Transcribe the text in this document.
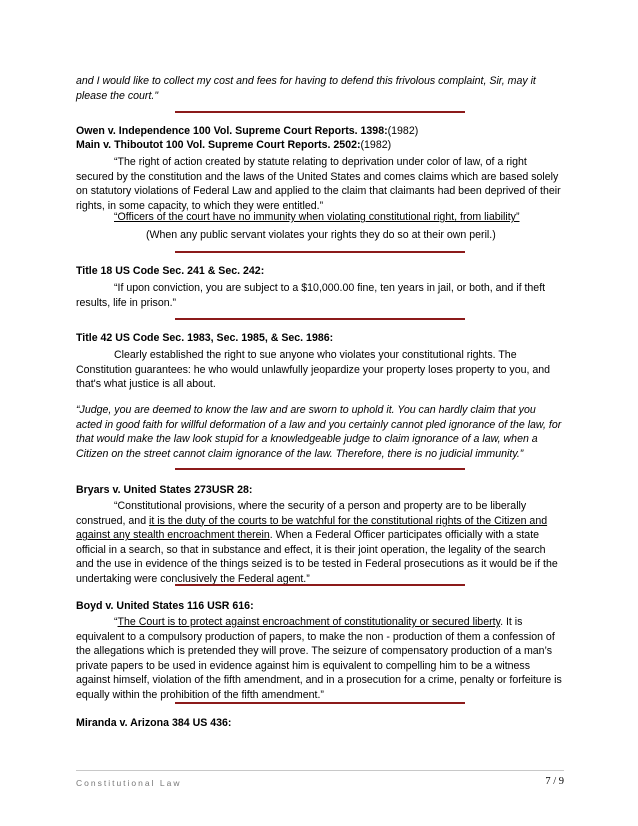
and I would like to collect my cost and fees for having to defend this frivolous complaint, Sir, may it please the court."

Owen v. Independence 100 Vol. Supreme Court Reports. 1398:(1982)
Main v. Thiboutot 100 Vol. Supreme Court Reports. 2502:(1982)

“The right of action created by statute relating to deprivation under color of law, of a right secured by the constitution and the laws of the United States and comes claims which are based solely on statutory violations of Federal Law and applied to the claim that claimants had been deprived of their rights, in some capacity, to which they were entitled.”

“Officers of the court have no immunity when violating constitutional right, from liability”

(When any public servant violates your rights they do so at their own peril.)

Title 18 US Code Sec. 241 & Sec. 242:

“If upon conviction, you are subject to a $10,000.00 fine, ten years in jail, or both, and if theft results, life in prison.”

Title 42 US Code Sec. 1983, Sec. 1985, & Sec. 1986:

Clearly established the right to sue anyone who violates your constitutional rights. The Constitution guarantees: he who would unlawfully jeopardize your property loses property to you, and that's what justice is all about.

“Judge, you are deemed to know the law and are sworn to uphold it. You can hardly claim that you acted in good faith for willful deformation of a law and you certainly cannot pled ignorance of the law, for that would make the law look stupid for a knowledgeable judge to claim ignorance of a law, when a Citizen on the street cannot claim ignorance of the law. Therefore, there is no judicial immunity.”

Bryars v. United States 273USR 28:

“Constitutional provisions, where the security of a person and property are to be liberally construed, and it is the duty of the courts to be watchful for the constitutional rights of the Citizen and against any stealth encroachment therein. When a Federal Officer participates officially with a state official in a search, so that in substance and effect, it is their joint operation, the legality of the search and the use in evidence of the things seized is to be tested in Federal prosecutions as it would be if the undertaking were conclusively the Federal agent.”

Boyd v. United States 116 USR 616:

“The Court is to protect against encroachment of constitutionality or secured liberty. It is equivalent to a compulsory production of papers, to make the non - production of them a confession of the allegations which is pretended they will prove. The seizure of compensatory production of a man’s private papers to be used in evidence against him is equivalent to compelling him to be a witness against himself, violation of the fifth amendment, and in a prosecution for a crime, penalty or forfeiture is equally within the prohibition of the fifth amendment.”

Miranda v. Arizona 384 US 436:
Constitutional Law	7 / 9
